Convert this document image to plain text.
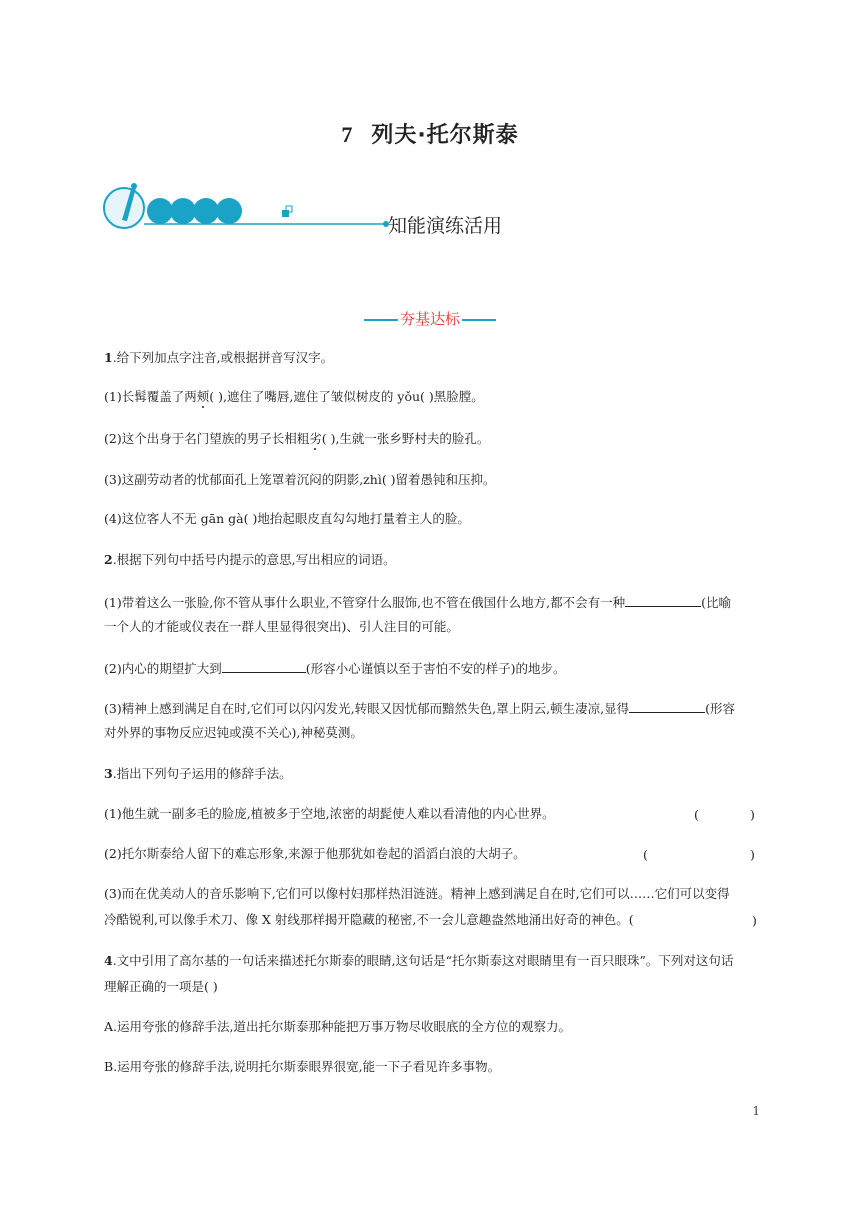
7 列夫·托尔斯泰
知能演练活用
夯基达标
1.给下列加点字注音,或根据拼音写汉字。
(1)长髯覆盖了两颊( ),遮住了嘴唇,遮住了皱似树皮的 yǒu( )黑脸膛。
(2)这个出身于名门望族的男子长相粗劣( ),生就一张乡野村夫的脸孔。
(3)这副劳动者的忧郁面孔上笼罩着沉闷的阴影,zhì( )留着愚钝和压抑。
(4)这位客人不无 gān gà( )地抬起眼皮直勾勾地打量着主人的脸。
2.根据下列句中括号内提示的意思,写出相应的词语。
(1)带着这么一张脸,你不管从事什么职业,不管穿什么服饰,也不管在俄国什么地方,都不会有一种	(比喻
一个人的才能或仪表在一群人里显得很突出)、引人注目的可能。
(2)内心的期望扩大到	(形容小心谨慎以至于害怕不安的样子)的地步。
(3)精神上感到满足自在时,它们可以闪闪发光,转眼又因忧郁而黯然失色,罩上阴云,顿生凄凉,显得	(形容
对外界的事物反应迟钝或漠不关心),神秘莫测。
3.指出下列句子运用的修辞手法。
(1)他生就一副多毛的脸庞,植被多于空地,浓密的胡髭使人难以看清他的内心世界。	(	)
(2)托尔斯泰给人留下的难忘形象,来源于他那犹如卷起的滔滔白浪的大胡子。	(	)
(3)而在优美动人的音乐影响下,它们可以像村妇那样热泪涟涟。精神上感到满足自在时,它们可以……它们可以变得
冷酷锐利,可以像手术刀、像 X 射线那样揭开隐藏的秘密,不一会儿意趣盎然地涌出好奇的神色。(	)
4.文中引用了高尔基的一句话来描述托尔斯泰的眼睛,这句话是“托尔斯泰这对眼睛里有一百只眼珠”。下列对这句话
理解正确的一项是( )
A.运用夸张的修辞手法,道出托尔斯泰那种能把万事万物尽收眼底的全方位的观察力。
B.运用夸张的修辞手法,说明托尔斯泰眼界很宽,能一下子看见许多事物。
1
